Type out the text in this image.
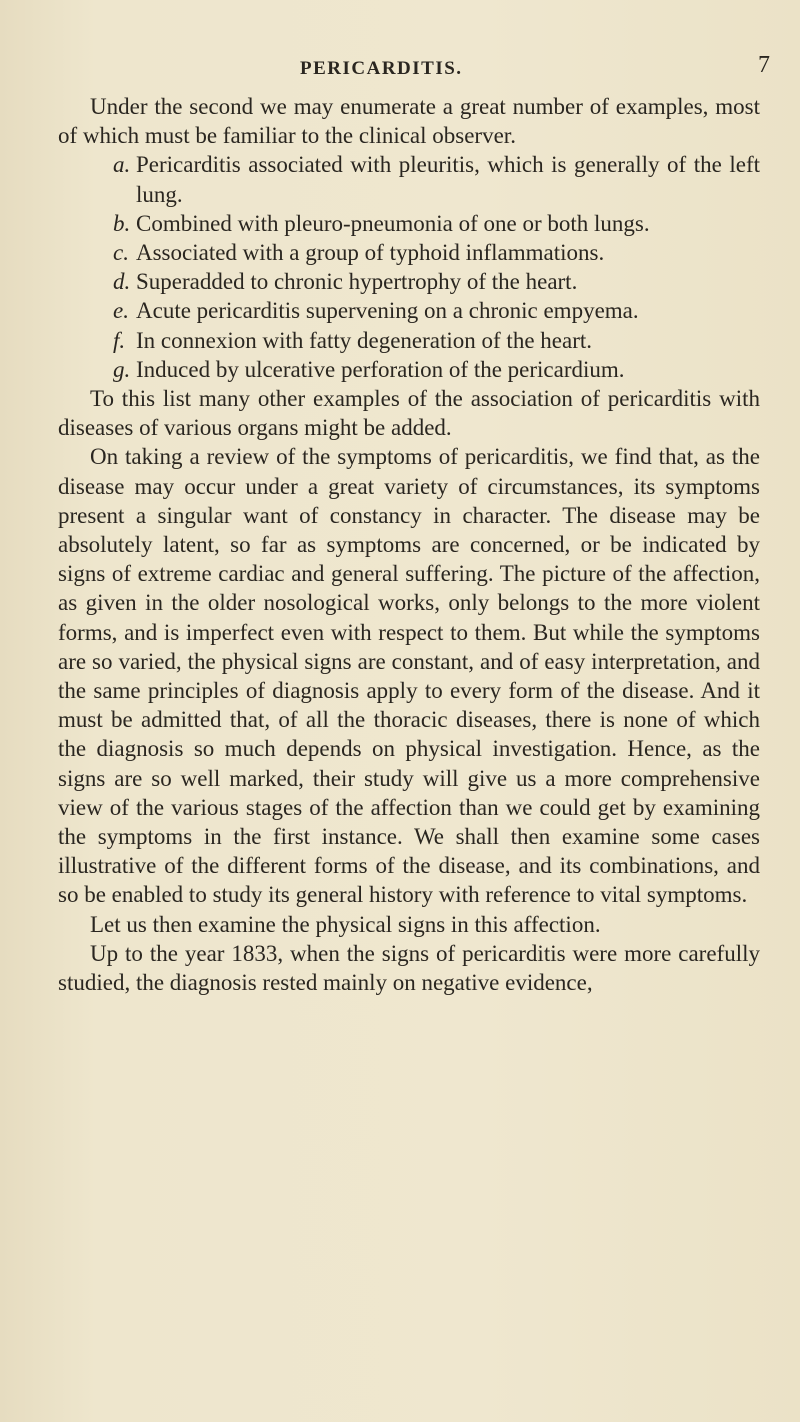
PERICARDITIS.	7

Under the second we may enumerate a great number of examples, most of which must be familiar to the clinical observer.

a. Pericarditis associated with pleuritis, which is generally of the left lung.

b. Combined with pleuro-pneumonia of one or both lungs.

c. Associated with a group of typhoid inflammations.

d. Superadded to chronic hypertrophy of the heart.

e. Acute pericarditis supervening on a chronic empyema.

f. In connexion with fatty degeneration of the heart.

g. Induced by ulcerative perforation of the pericardium.

To this list many other examples of the association of pericarditis with diseases of various organs might be added.

On taking a review of the symptoms of pericarditis, we find that, as the disease may occur under a great variety of circumstances, its symptoms present a singular want of constancy in character. The disease may be absolutely latent, so far as symptoms are concerned, or be indicated by signs of extreme cardiac and general suffering. The picture of the affection, as given in the older nosological works, only belongs to the more violent forms, and is imperfect even with respect to them. But while the symptoms are so varied, the physical signs are constant, and of easy interpretation, and the same principles of diagnosis apply to every form of the disease. And it must be admitted that, of all the thoracic diseases, there is none of which the diagnosis so much depends on physical investigation. Hence, as the signs are so well marked, their study will give us a more comprehensive view of the various stages of the affection than we could get by examining the symptoms in the first instance. We shall then examine some cases illustrative of the different forms of the disease, and its combinations, and so be enabled to study its general history with reference to vital symptoms.

Let us then examine the physical signs in this affection.

Up to the year 1833, when the signs of pericarditis were more carefully studied, the diagnosis rested mainly on negative evidence,
